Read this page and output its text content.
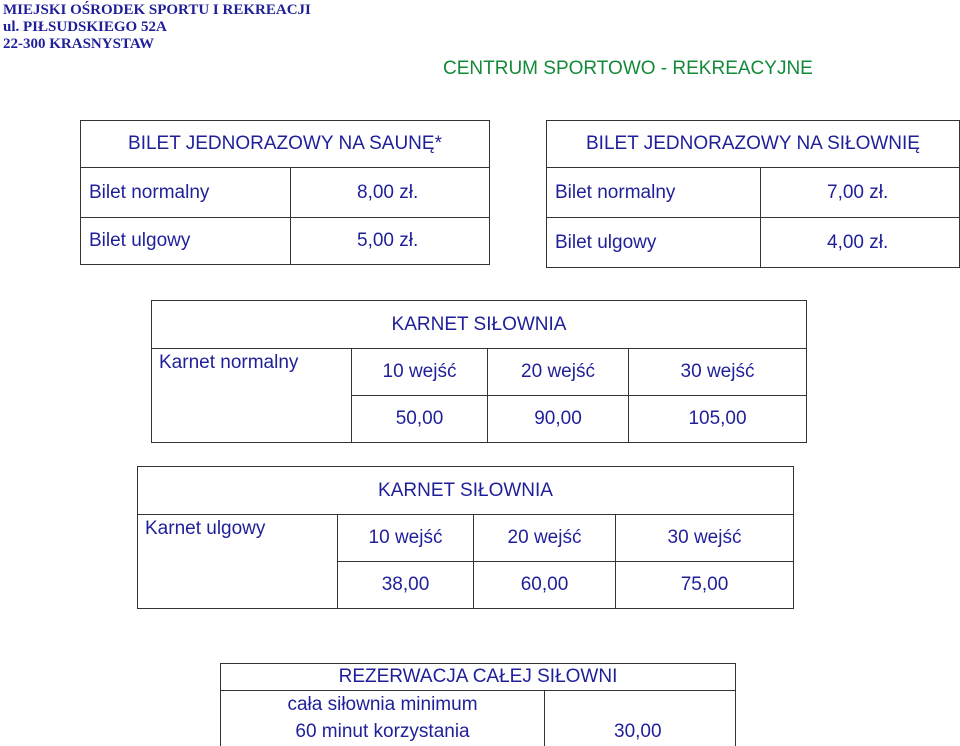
MIEJSKI OŚRODEK SPORTU I REKREACJI
ul. PIŁSUDSKIEGO 52A
22-300 KRASNYSTAW
CENTRUM SPORTOWO - REKREACYJNE
BILET JEDNORAZOWY NA SAUNĘ*
Bilet normalny	8,00 zł.
Bilet ulgowy	5,00 zł.
BILET JEDNORAZOWY NA SIŁOWNIĘ
Bilet normalny	7,00 zł.
Bilet ulgowy	4,00 zł.
KARNET SIŁOWNIA
Karnet normalny	10 wejść	20 wejść	30 wejść
50,00	90,00	105,00
KARNET SIŁOWNIA
Karnet ulgowy	10 wejść	20 wejść	30 wejść
38,00	60,00	75,00
REZERWACJA CAŁEJ SIŁOWNI
cała siłownia minimum
60 minut korzystania	30,00
